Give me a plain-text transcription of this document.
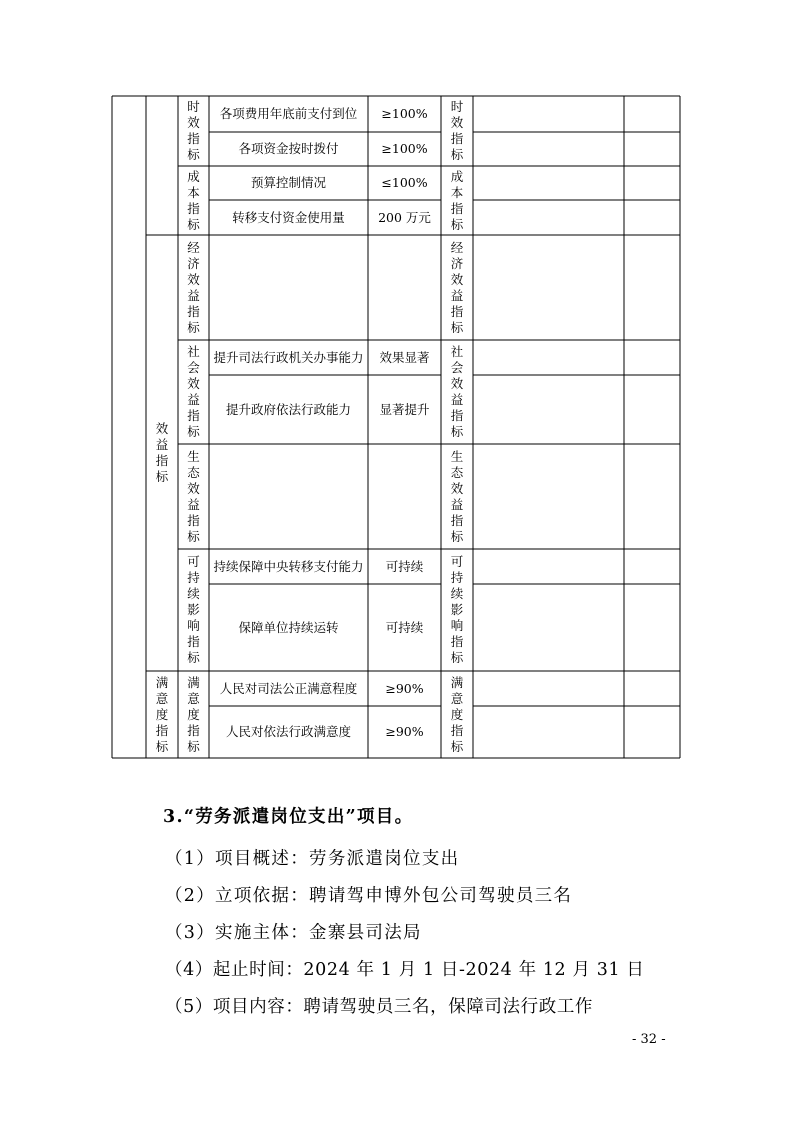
效益指标
满意度指标
时效指标
成本指标
经济效益指标
社会效益指标
生态效益指标
可持续影响指标
满意度指标
时效指标
成本指标
经济效益指标
社会效益指标
生态效益指标
可持续影响指标
满意度指标
各项费用年底前支付到位
各项资金按时拨付
预算控制情况
转移支付资金使用量
提升司法行政机关办事能力
提升政府依法行政能力
持续保障中央转移支付能力
保障单位持续运转
人民对司法公正满意程度
人民对依法行政满意度
≥100%
≥100%
≤100%
200 万元
效果显著
显著提升
可持续
可持续
≥90%
≥90%
3.“劳务派遣岗位支出”项目。
（1）项目概述：劳务派遣岗位支出
（2）立项依据：聘请驾申博外包公司驾驶员三名
（3）实施主体：金寨县司法局
（4）起止时间：2024 年 1 月 1 日-2024 年 12 月 31 日
（5）项目内容：聘请驾驶员三名，保障司法行政工作
- 32 -
